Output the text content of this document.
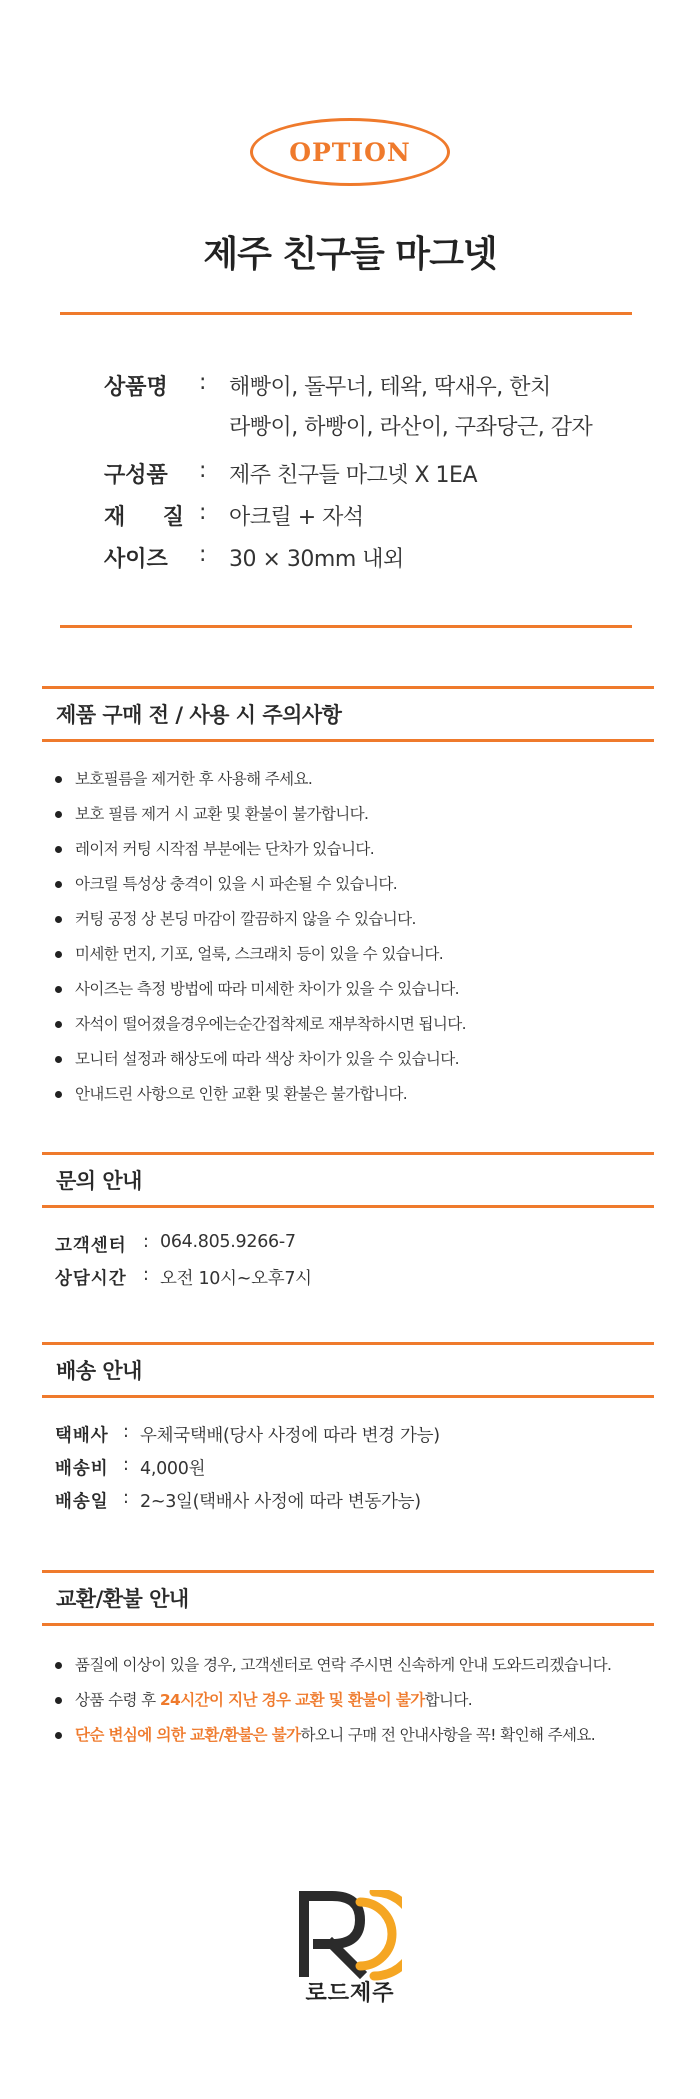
OPTION
제주 친구들 마그넷
상품명	: 해빵이, 돌무너, 테왁, 딱새우, 한치
라빵이, 하빵이, 라산이, 구좌당근, 감자
구성품	: 제주 친구들 마그넷 X 1EA
재 질 : 아크릴 + 자석
사이즈	: 30 × 30mm 내외
제품 구매 전 / 사용 시 주의사항
보호필름을 제거한 후 사용해 주세요.
보호 필름 제거 시 교환 및 환불이 불가합니다.
레이저 커팅 시작점 부분에는 단차가 있습니다.
아크릴 특성상 충격이 있을 시 파손될 수 있습니다.
커팅 공정 상 본딩 마감이 깔끔하지 않을 수 있습니다.
미세한 먼지, 기포, 얼룩, 스크래치 등이 있을 수 있습니다.
사이즈는 측정 방법에 따라 미세한 차이가 있을 수 있습니다.
자석이 떨어졌을경우에는순간접착제로 재부착하시면 됩니다.
모니터 설정과 해상도에 따라 색상 차이가 있을 수 있습니다.
안내드린 사항으로 인한 교환 및 환불은 불가합니다.
문의 안내
고객센터 : 064.805.9266-7
상담시간 : 오전 10시~오후7시
배송 안내
택배사 : 우체국택배(당사 사정에 따라 변경 가능)
배송비 : 4,000원
배송일 : 2~3일(택배사 사정에 따라 변동가능)
교환/환불 안내
품질에 이상이 있을 경우, 고객센터로 연락 주시면 신속하게 안내 도와드리겠습니다.
상품 수령 후 24시간이 지난 경우 교환 및 환불이 불가합니다.
단순 변심에 의한 교환/환불은 불가하오니 구매 전 안내사항을 꼭! 확인해 주세요.
로드제주
